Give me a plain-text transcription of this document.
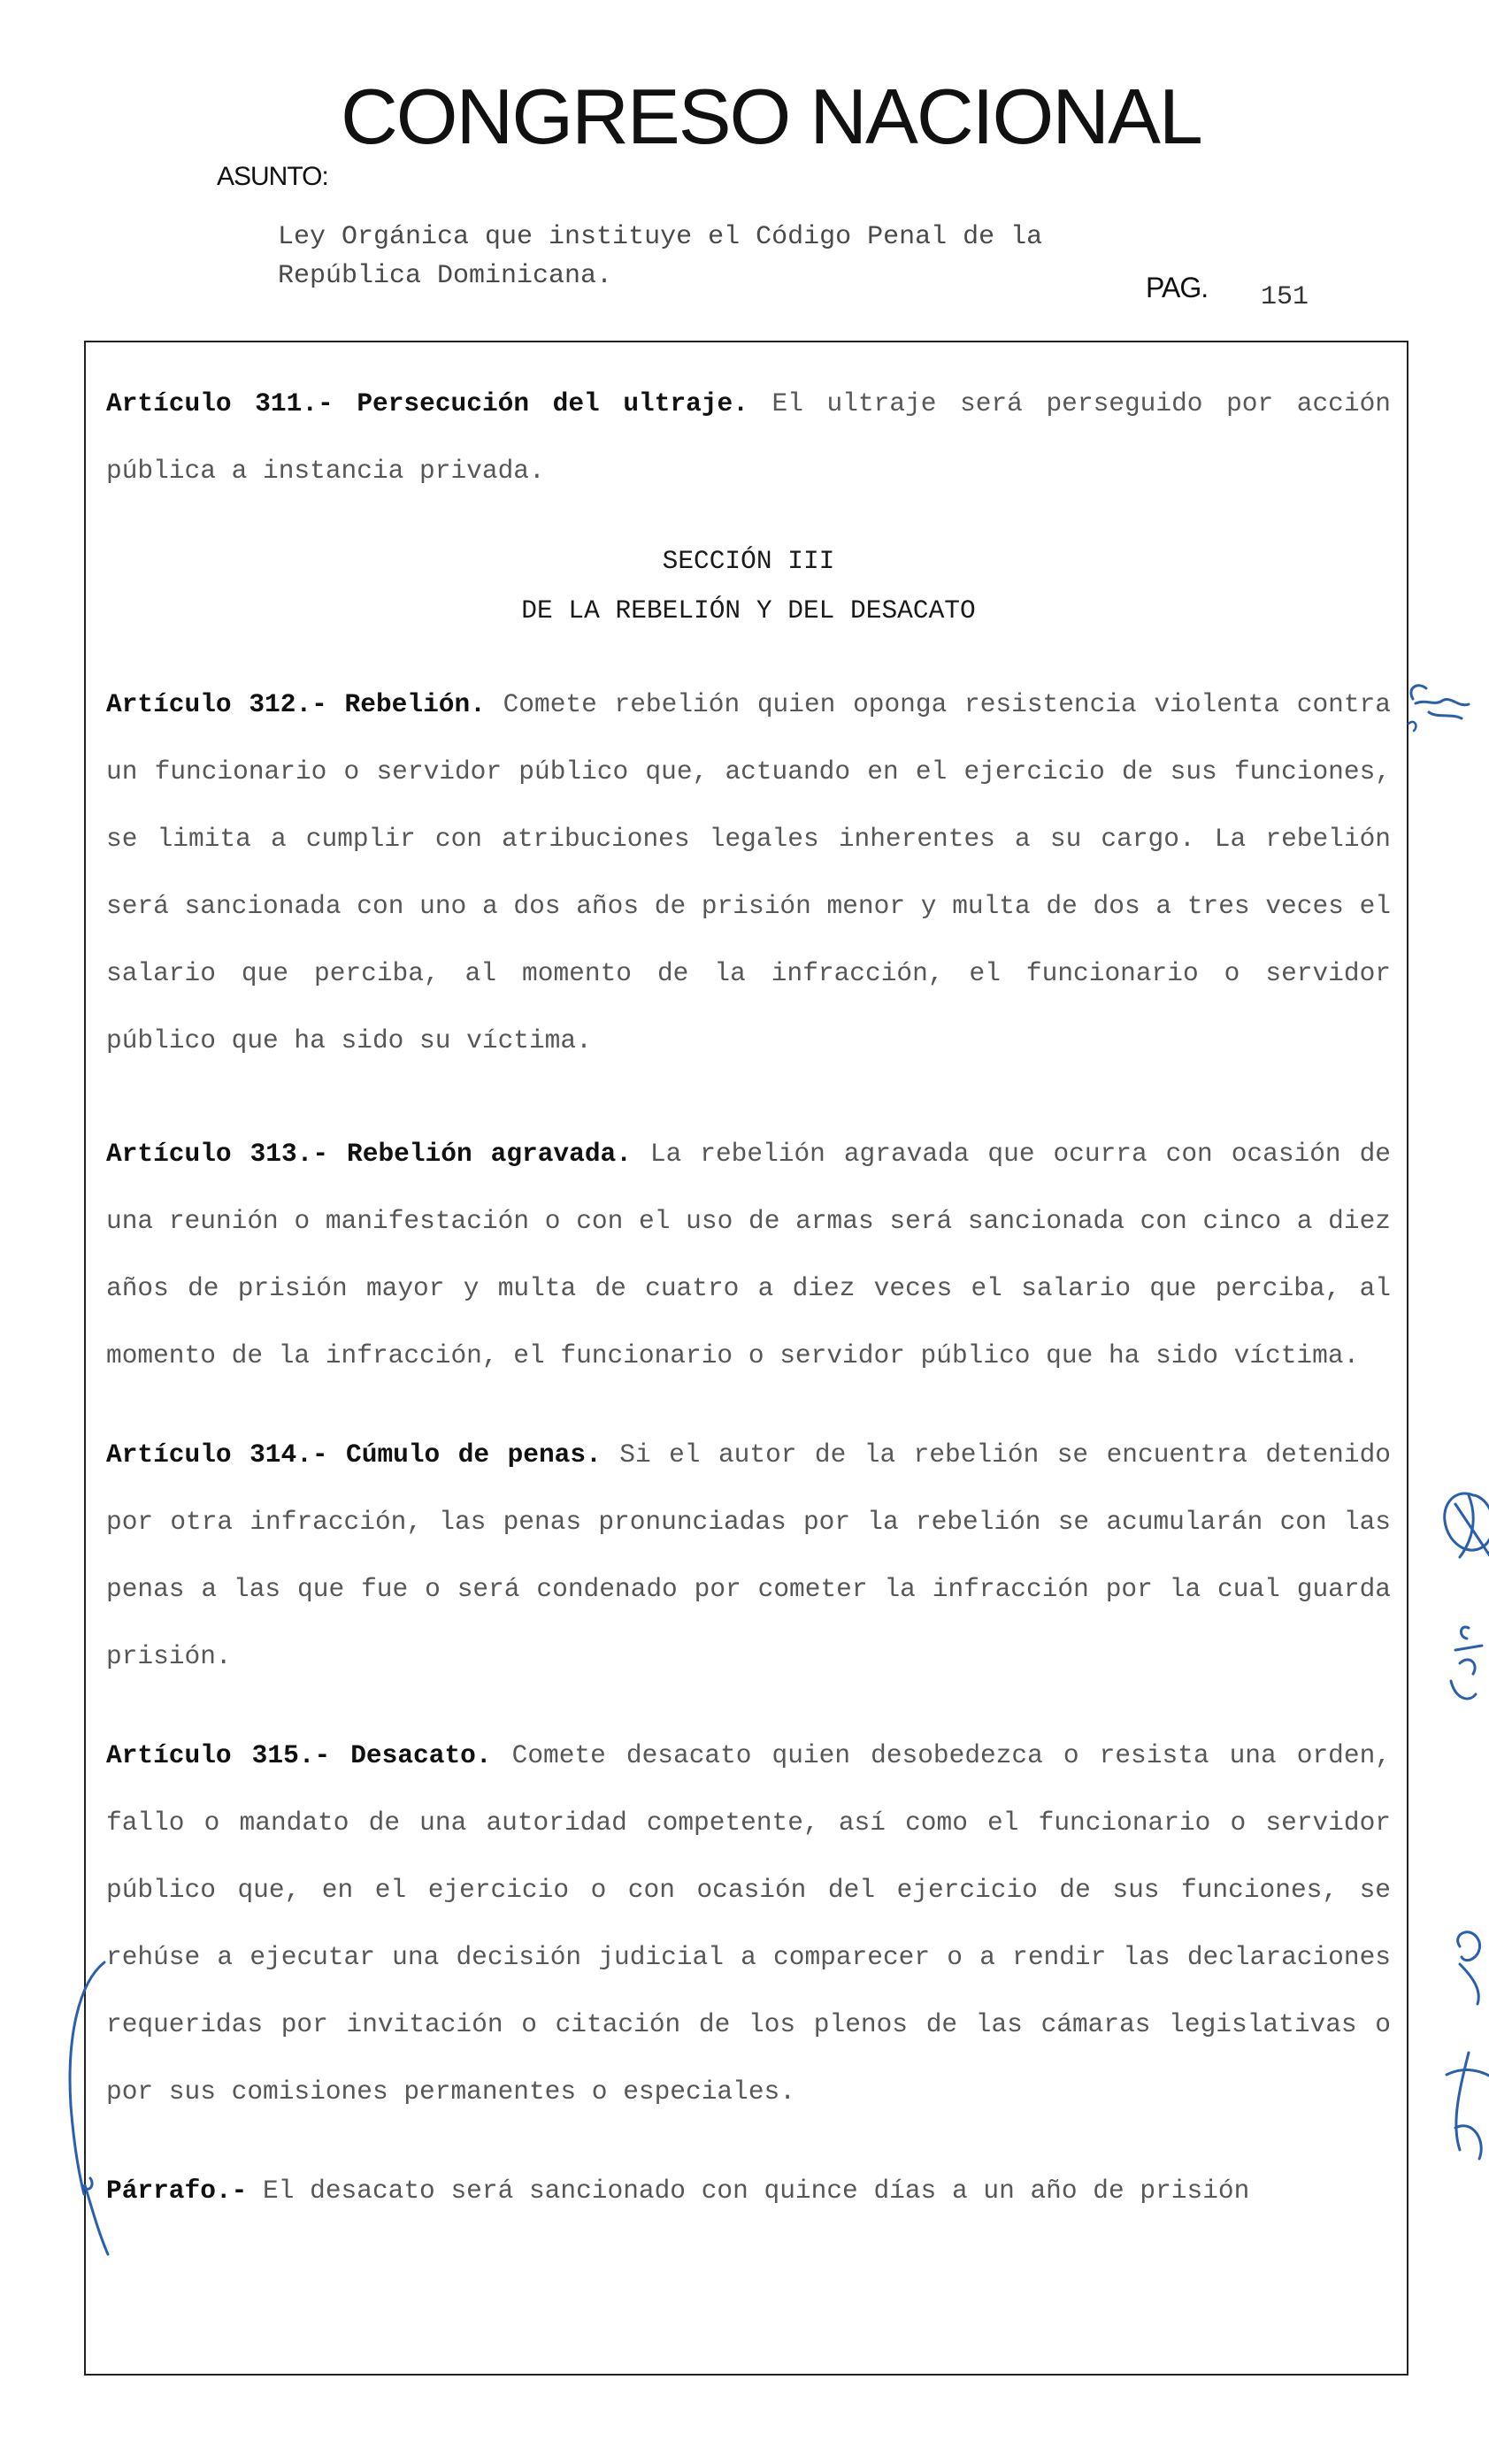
CONGRESO NACIONAL
ASUNTO:
Ley Orgánica que instituye el Código Penal de la
República Dominicana.	PAG. 151

Artículo 311.- Persecución del ultraje. El ultraje será perseguido por acción pública a instancia privada.

SECCIÓN III
DE LA REBELIÓN Y DEL DESACATO

Artículo 312.- Rebelión. Comete rebelión quien oponga resistencia violenta contra un funcionario o servidor público que, actuando en el ejercicio de sus funciones, se limita a cumplir con atribuciones legales inherentes a su cargo. La rebelión será sancionada con uno a dos años de prisión menor y multa de dos a tres veces el salario que perciba, al momento de la infracción, el funcionario o servidor público que ha sido su víctima.

Artículo 313.- Rebelión agravada. La rebelión agravada que ocurra con ocasión de una reunión o manifestación o con el uso de armas será sancionada con cinco a diez años de prisión mayor y multa de cuatro a diez veces el salario que perciba, al momento de la infracción, el funcionario o servidor público que ha sido víctima.

Artículo 314.- Cúmulo de penas. Si el autor de la rebelión se encuentra detenido por otra infracción, las penas pronunciadas por la rebelión se acumularán con las penas a las que fue o será condenado por cometer la infracción por la cual guarda prisión.

Artículo 315.- Desacato. Comete desacato quien desobedezca o resista una orden, fallo o mandato de una autoridad competente, así como el funcionario o servidor público que, en el ejercicio o con ocasión del ejercicio de sus funciones, se rehúse a ejecutar una decisión judicial a comparecer o a rendir las declaraciones requeridas por invitación o citación de los plenos de las cámaras legislativas o por sus comisiones permanentes o especiales.

Párrafo.- El desacato será sancionado con quince días a un año de prisión
